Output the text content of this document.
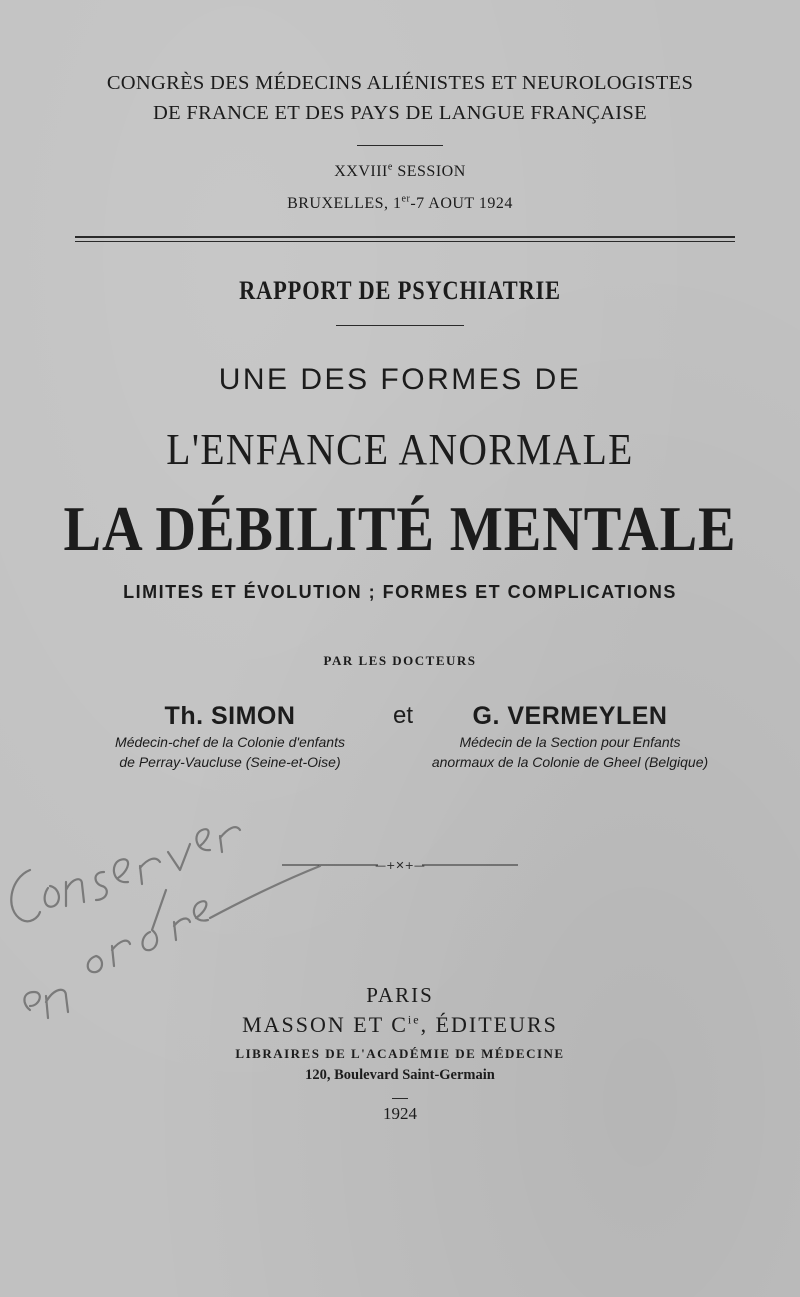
CONGRÈS DES MÉDECINS ALIÉNISTES ET NEUROLOGISTES
DE FRANCE ET DES PAYS DE LANGUE FRANÇAISE
XXVIIIe SESSION
BRUXELLES, 1er-7 AOUT 1924
RAPPORT DE PSYCHIATRIE
UNE DES FORMES DE
L'ENFANCE ANORMALE
LA DÉBILITÉ MENTALE
LIMITES ET ÉVOLUTION ; FORMES ET COMPLICATIONS
PAR LES DOCTEURS
Th. SIMON
Médecin-chef de la Colonie d'enfants
de Perray-Vaucluse (Seine-et-Oise)
et	G. VERMEYLEN
Médecin de la Section pour Enfants
anormaux de la Colonie de Gheel (Belgique)
—+✕+—
PARIS
MASSON ET $C^{ie}$, ÉDITEURS
LIBRAIRES DE L'ACADÉMIE DE MÉDECINE
120, Boulevard Saint-Germain
1924
